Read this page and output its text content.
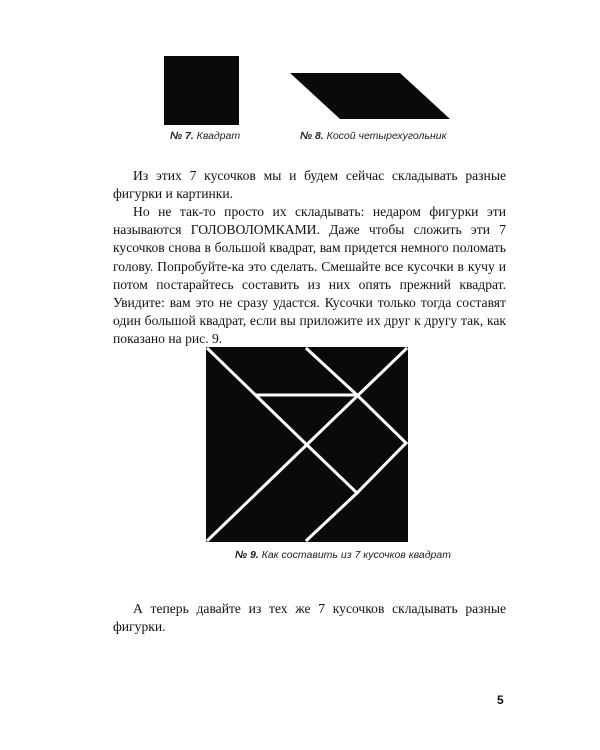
№ 7. Квадрат	№ 8. Косой четырехугольник

Из этих 7 кусочков мы и будем сейчас складывать разные фигурки и картинки.

Но не так-то просто их складывать: недаром фигурки эти называются ГОЛОВОЛОМКАМИ. Даже чтобы сложить эти 7 кусочков снова в большой квадрат, вам придется немного поломать голову. Попробуйте-ка это сделать. Смешайте все кусочки в кучу и потом постарайтесь составить из них опять прежний квадрат. Увидите: вам это не сразу удастся. Кусочки только тогда составят один большой квадрат, если вы приложите их друг к другу так, как показано на рис. 9.

№ 9. Как составить из 7 кусочков квадрат

А теперь давайте из тех же 7 кусочков складывать разные фигурки.

5
